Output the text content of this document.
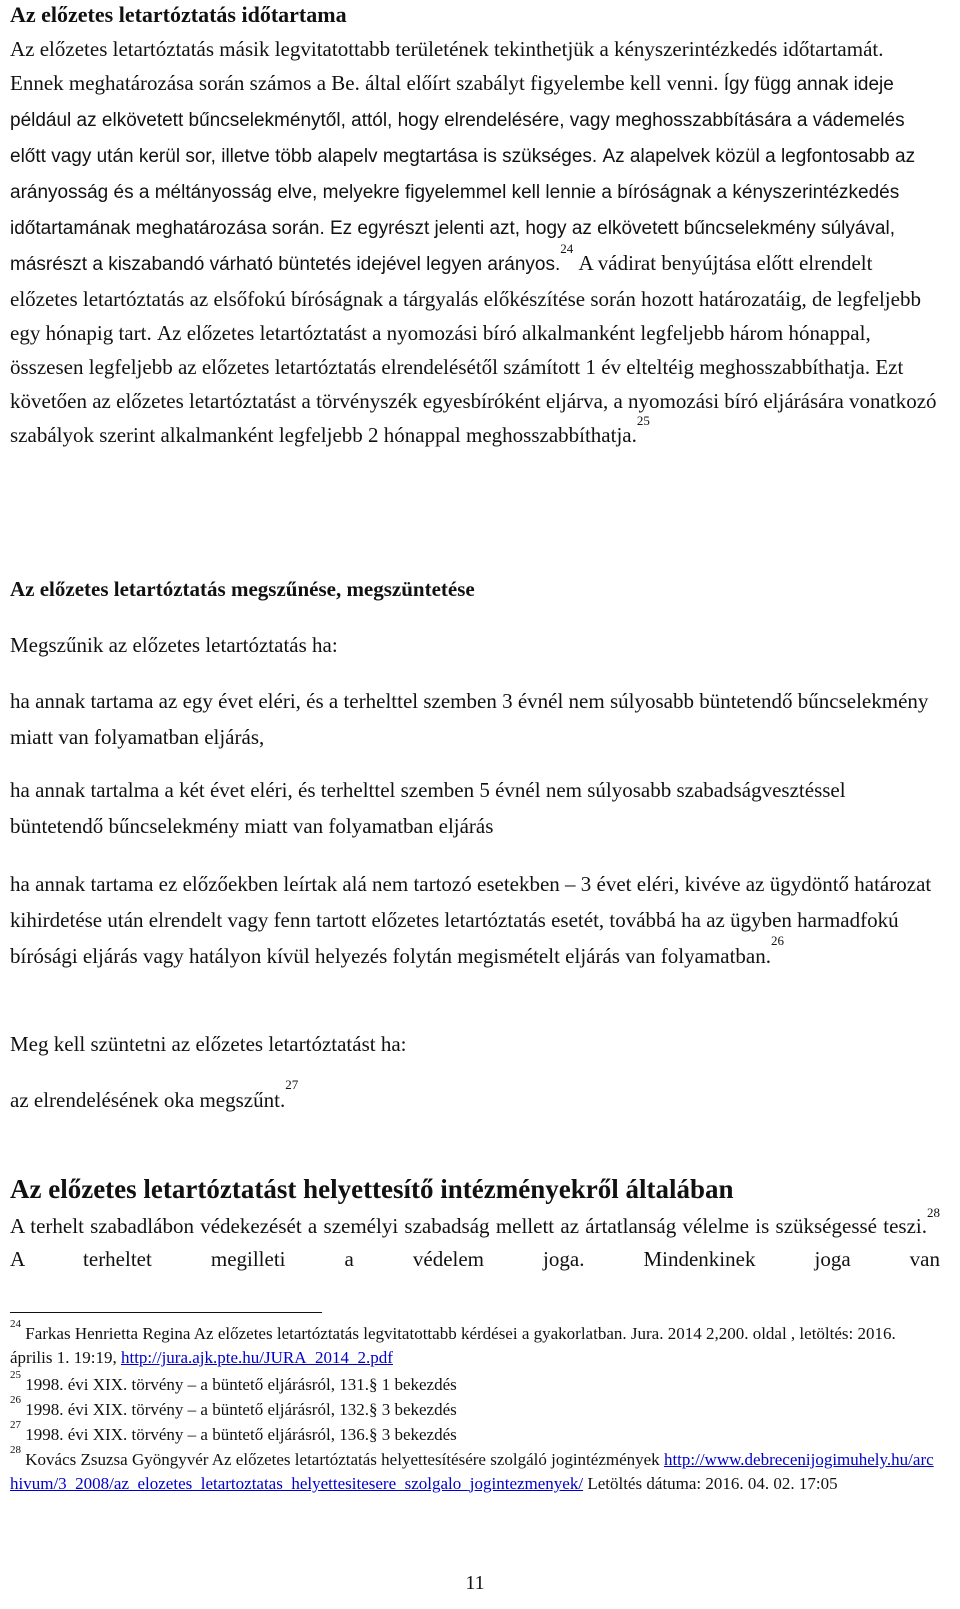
Az előzetes letartóztatás időtartama

Az előzetes letartóztatás másik legvitatottabb területének tekinthetjük a kényszerintézkedés időtartamát. Ennek meghatározása során számos a Be. által előírt szabályt figyelembe kell venni. Így függ annak ideje például az elkövetett bűncselekménytől, attól, hogy elrendelésére, vagy meghosszabbítására a vádemelés előtt vagy után kerül sor, illetve több alapelv megtartása is szükséges. Az alapelvek közül a legfontosabb az arányosság és a méltányosság elve, melyekre figyelemmel kell lennie a bíróságnak a kényszerintézkedés időtartamának meghatározása során. Ez egyrészt jelenti azt, hogy az elkövetett bűncselekmény súlyával, másrészt a kiszabandó várható büntetés idejével legyen arányos.$^{24}$ A vádirat benyújtása előtt elrendelt előzetes letartóztatás az elsőfokú bíróságnak a tárgyalás előkészítése során hozott határozatáig, de legfeljebb egy hónapig tart. Az előzetes letartóztatást a nyomozási bíró alkalmanként legfeljebb három hónappal, összesen legfeljebb az előzetes letartóztatás elrendelésétől számított 1 év elteltéig meghosszabbíthatja. Ezt követően az előzetes letartóztatást a törvényszék egyesbíróként eljárva, a nyomozási bíró eljárására vonatkozó szabályok szerint alkalmanként legfeljebb 2 hónappal meghosszabbíthatja.$^{25}$

Az előzetes letartóztatás megszűnése, megszüntetése

Megszűnik az előzetes letartóztatás ha:

ha annak tartama az egy évet eléri, és a terhelttel szemben 3 évnél nem súlyosabb büntetendő bűncselekmény miatt van folyamatban eljárás,

ha annak tartalma a két évet eléri, és terhelttel szemben 5 évnél nem súlyosabb szabadságvesztéssel büntetendő bűncselekmény miatt van folyamatban eljárás

ha annak tartama ez előzőekben leírtak alá nem tartozó esetekben – 3 évet eléri, kivéve az ügydöntő határozat kihirdetése után elrendelt vagy fenn tartott előzetes letartóztatás esetét, továbbá ha az ügyben harmadfokú bírósági eljárás vagy hatályon kívül helyezés folytán megismételt eljárás van folyamatban.$^{26}$

Meg kell szüntetni az előzetes letartóztatást ha:

az elrendelésének oka megszűnt.$^{27}$

Az előzetes letartóztatást helyettesítő intézményekről általában

A terhelt szabadlábon védekezését a személyi szabadság mellett az ártatlanság vélelme is szükségessé teszi.$^{28}$ A terheltet megilleti a védelem joga. Mindenkinek joga van

$^{24}$ Farkas Henrietta Regina Az előzetes letartóztatás legvitatottabb kérdései a gyakorlatban. Jura. 2014 2,200. oldal , letöltés: 2016. április 1. 19:19, http://jura.ajk.pte.hu/JURA_2014_2.pdf
$^{25}$ 1998. évi XIX. törvény – a büntető eljárásról, 131.§ 1 bekezdés
$^{26}$ 1998. évi XIX. törvény – a büntető eljárásról, 132.§ 3 bekezdés
$^{27}$ 1998. évi XIX. törvény – a büntető eljárásról, 136.§ 3 bekezdés
$^{28}$ Kovács Zsuzsa Gyöngyvér Az előzetes letartóztatás helyettesítésére szolgáló jogintézmények http://www.debrecenijogimuhely.hu/archivum/3_2008/az_elozetes_letartoztatas_helyettesitesere_szolgalo_jogintezmenyek/ Letöltés dátuma: 2016. 04. 02. 17:05
11
